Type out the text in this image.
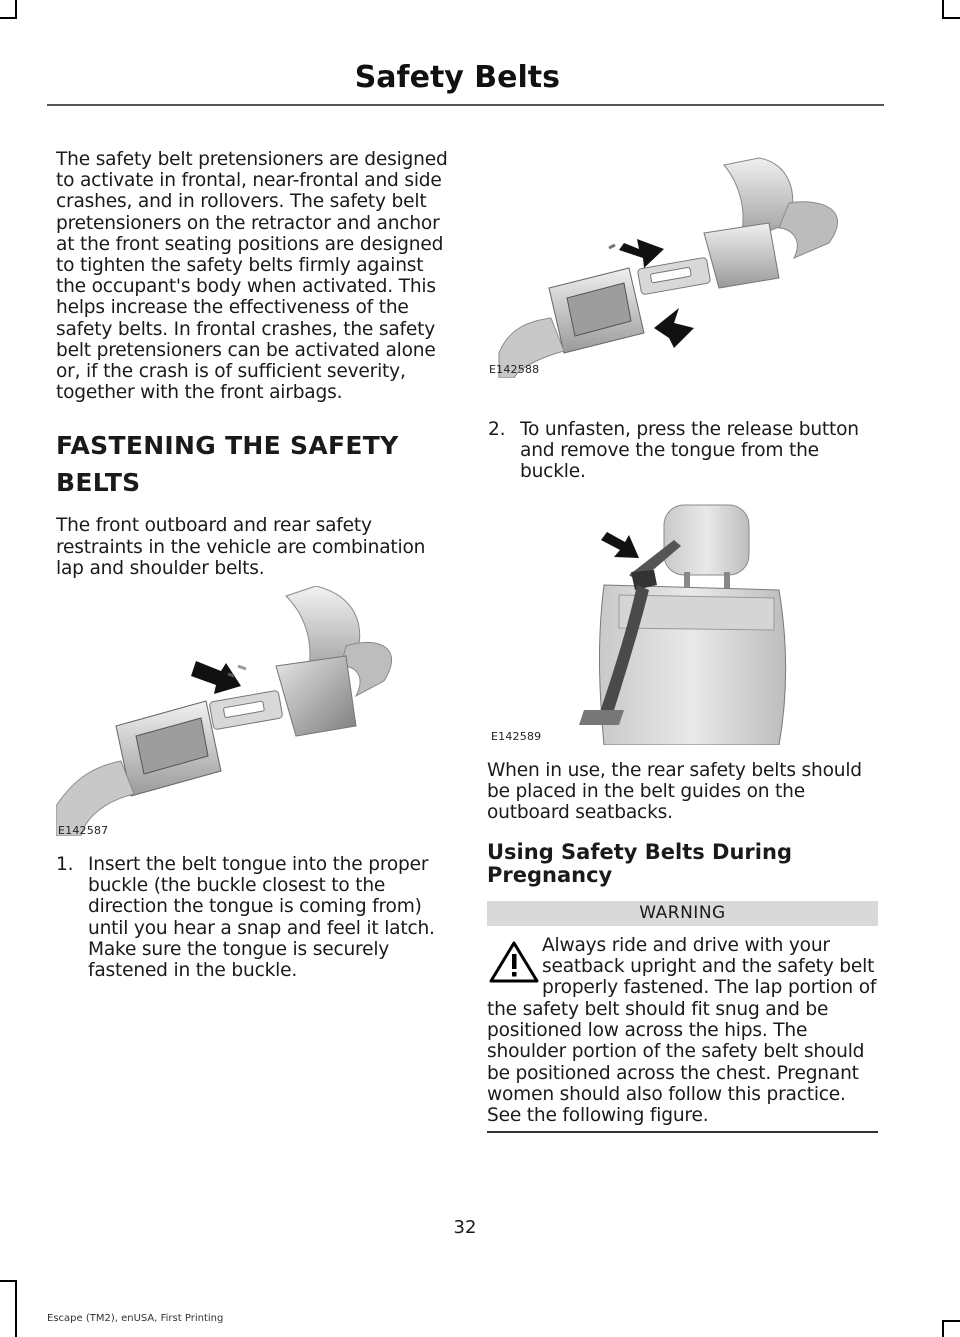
Safety Belts

The safety belt pretensioners are designed to activate in frontal, near-frontal and side crashes, and in rollovers. The safety belt pretensioners on the retractor and anchor at the front seating positions are designed to tighten the safety belts firmly against the occupant's body when activated. This helps increase the effectiveness of the safety belts. In frontal crashes, the safety belt pretensioners can be activated alone or, if the crash is of sufficient severity, together with the front airbags.

FASTENING THE SAFETY
BELTS

The front outboard and rear safety restraints in the vehicle are combination lap and shoulder belts.

E142587
1. Insert the belt tongue into the proper buckle (the buckle closest to the direction the tongue is coming from) until you hear a snap and feel it latch. Make sure the tongue is securely fastened in the buckle.
E142588
2. To unfasten, press the release button and remove the tongue from the buckle.
E142589

When in use, the rear safety belts should be placed in the belt guides on the outboard seatbacks.

Using Safety Belts During Pregnancy

WARNING
Always ride and drive with your seatback upright and the safety belt properly fastened. The lap portion of
the safety belt should fit snug and be positioned low across the hips. The shoulder portion of the safety belt should be positioned across the chest. Pregnant women should also follow this practice. See the following figure.
32
Escape (TM2), enUSA, First Printing
